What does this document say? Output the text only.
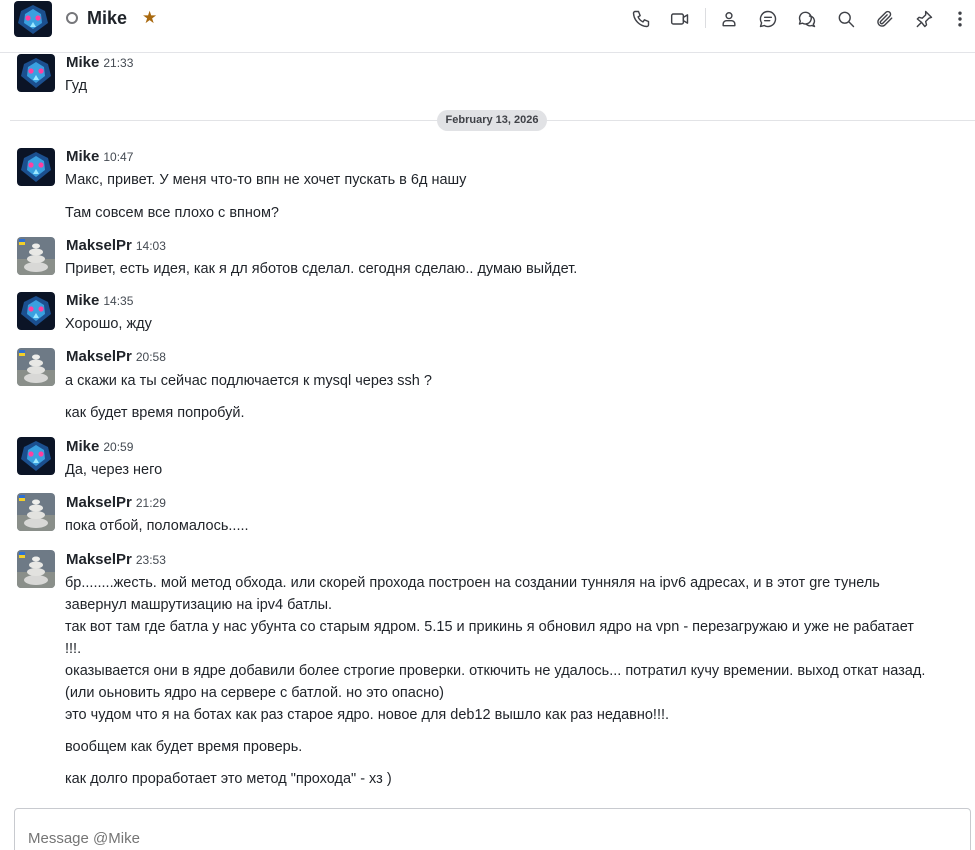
Mike ★
Mike 21:33
Гуд
February 13, 2026
Mike 10:47
Макс, привет. У меня что-то впн не хочет пускать в 6д нашу
Там совсем все плохо с впном?
MakselPr 14:03
Привет, есть идея, как я дл яботов сделал. сегодня сделаю.. думаю выйдет.
Mike 14:35
Хорошо, жду
MakselPr 20:58
а скажи ка ты сейчас подлючается к mysql через ssh ?
как будет время попробуй.
Mike 20:59
Да, через него
MakselPr 21:29
пока отбой, поломалось.....
MakselPr 23:53
бр........жесть. мой метод обхода. или скорей прохода построен на создании тунняля на ipv6 адресах, и в этот gre тунель
завернул машрутизацию на ipv4 батлы.
так вот там где батла у нас убунта со старым ядром. 5.15 и прикинь я обновил ядро на vpn - перезагружаю и уже не рабатает
!!!.
оказывается они в ядре добавили более строгие проверки. откючить не удалось... потратил кучу времении. выход откат назад.
(или оьновить ядро на сервере с батлой. но это опасно)
это чудом что я на ботах как раз старое ядро. новое для deb12 вышло как раз недавно!!!.
вообщем как будет время проверь.
как долго проработает это метод "прохода" - хз )
Message @Mike
